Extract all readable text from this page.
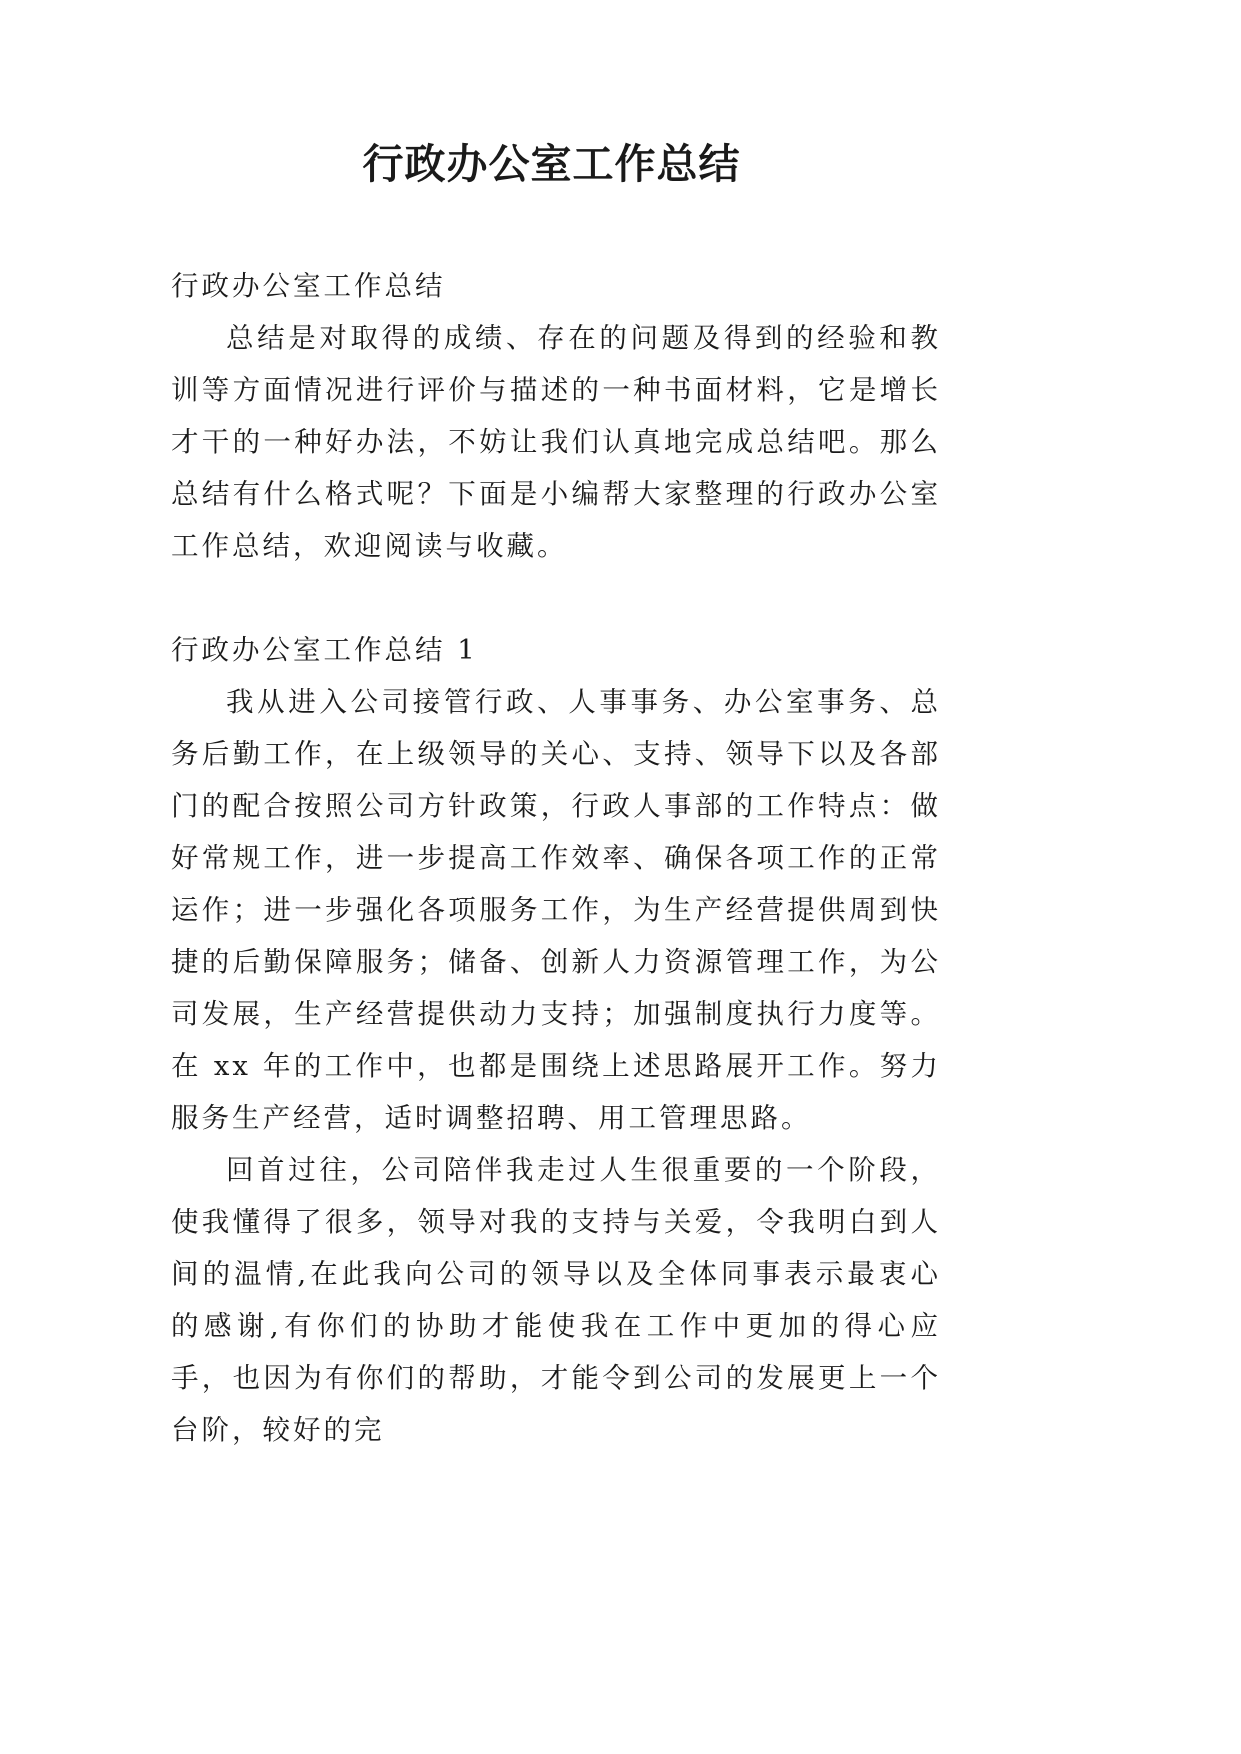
行政办公室工作总结

行政办公室工作总结

总结是对取得的成绩、存在的问题及得到的经验和教训等方面情况进行评价与描述的一种书面材料，它是增长才干的一种好办法，不妨让我们认真地完成总结吧。那么总结有什么格式呢？下面是小编帮大家整理的行政办公室工作总结，欢迎阅读与收藏。

行政办公室工作总结 1

我从进入公司接管行政、人事事务、办公室事务、总务后勤工作，在上级领导的关心、支持、领导下以及各部门的配合按照公司方针政策，行政人事部的工作特点：做好常规工作，进一步提高工作效率、确保各项工作的正常运作；进一步强化各项服务工作，为生产经营提供周到快捷的后勤保障服务；储备、创新人力资源管理工作，为公司发展，生产经营提供动力支持；加强制度执行力度等。在 xx 年的工作中，也都是围绕上述思路展开工作。努力服务生产经营，适时调整招聘、用工管理思路。

回首过往，公司陪伴我走过人生很重要的一个阶段，使我懂得了很多，领导对我的支持与关爱，令我明白到人间的温情,在此我向公司的领导以及全体同事表示最衷心的感谢,有你们的协助才能使我在工作中更加的得心应手，也因为有你们的帮助，才能令到公司的发展更上一个台阶，较好的完
